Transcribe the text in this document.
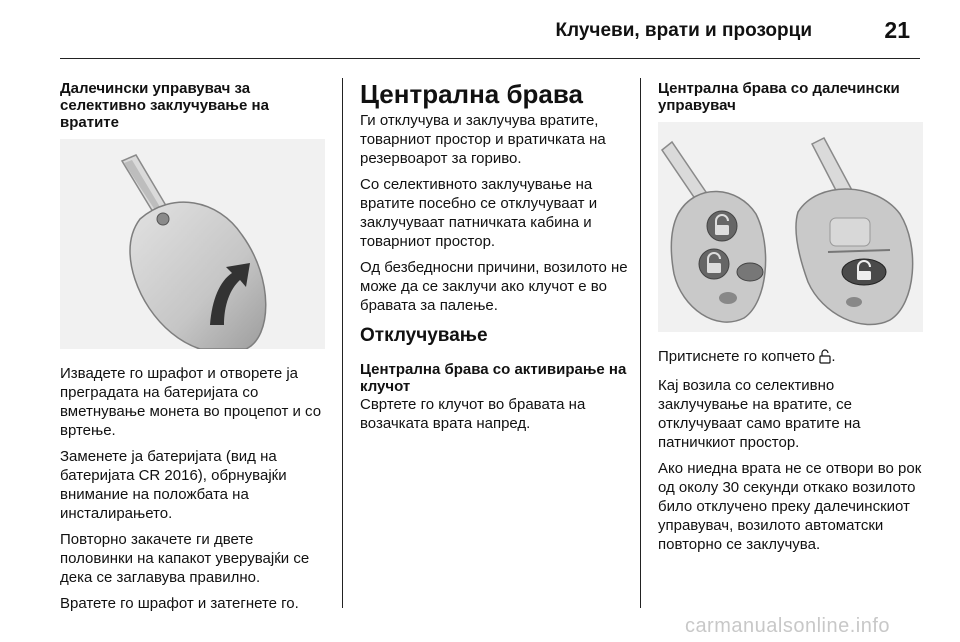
Клучеви, врати и прозорци	21
Далечински управувач за селективно заклучување на вратите

Извадете го шрафот и отворете ја преградата на батеријата со вметнување монета во процепот и со вртење.

Заменете ја батеријата (вид на батеријата CR 2016), обрнувајќи внимание на положбата на инсталирањето.

Повторно закачете ги двете половинки на капакот уверувајќи се дека се заглавува правилно.

Вратете го шрафот и затегнете го.

Централна брава

Ги отклучува и заклучува вратите, товарниот простор и вратичката на резервоарот за гориво.

Со селективното заклучување на вратите посебно се отклучуваат и заклучуваат патничката кабина и товарниот простор.

Од безбедносни причини, возилото не може да се заклучи ако клучот е во бравата за палење.

Отклучување
Централна брава со активирање на клучот

Свртете го клучот во бравата на возачката врата напред.

Централна брава со далечински управувач

Притиснете го копчето .

Кај возила со селективно заклучување на вратите, се отклучуваат само вратите на патничкиот простор.

Ако ниедна врата не се отвори во рок од околу 30 секунди откако возилото било отклучено преку далечинскиот управувач, возилото автоматски повторно се заклучува.

carmanualsonline.info
